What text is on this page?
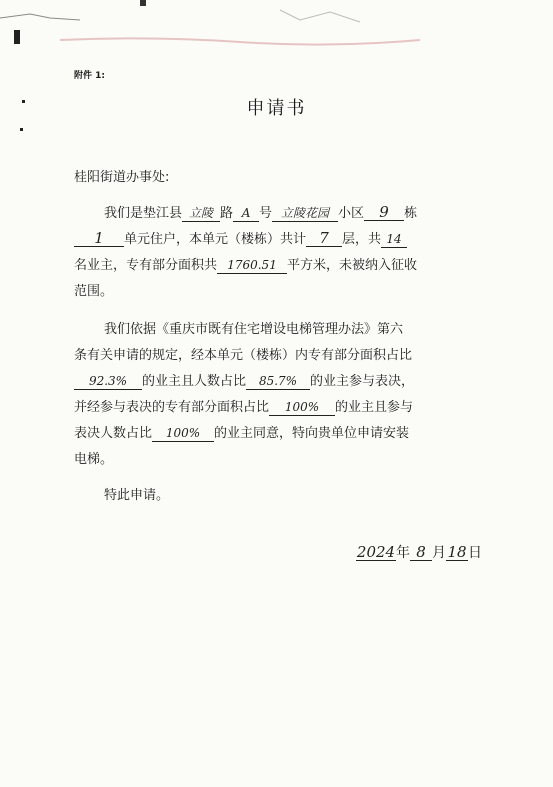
附件 1:
申请书
桂阳街道办事处:
我们是垫江县 立陵 路 A 号 立陵花园 小区 9 栋
1 单元住户，本单元（楼栋）共计 7 层，共 14
名业主，专有部分面积共 1760.51 平方米，未被纳入征收
范围。
我们依据《重庆市既有住宅增设电梯管理办法》第六
条有关申请的规定，经本单元（楼栋）内专有部分面积占比
92.3% 的业主且人数占比 85.7% 的业主参与表决，
并经参与表决的专有部分面积占比 100% 的业主且参与
表决人数占比 100% 的业主同意，特向贵单位申请安装
电梯。
特此申请。
2024年 8 月18日
